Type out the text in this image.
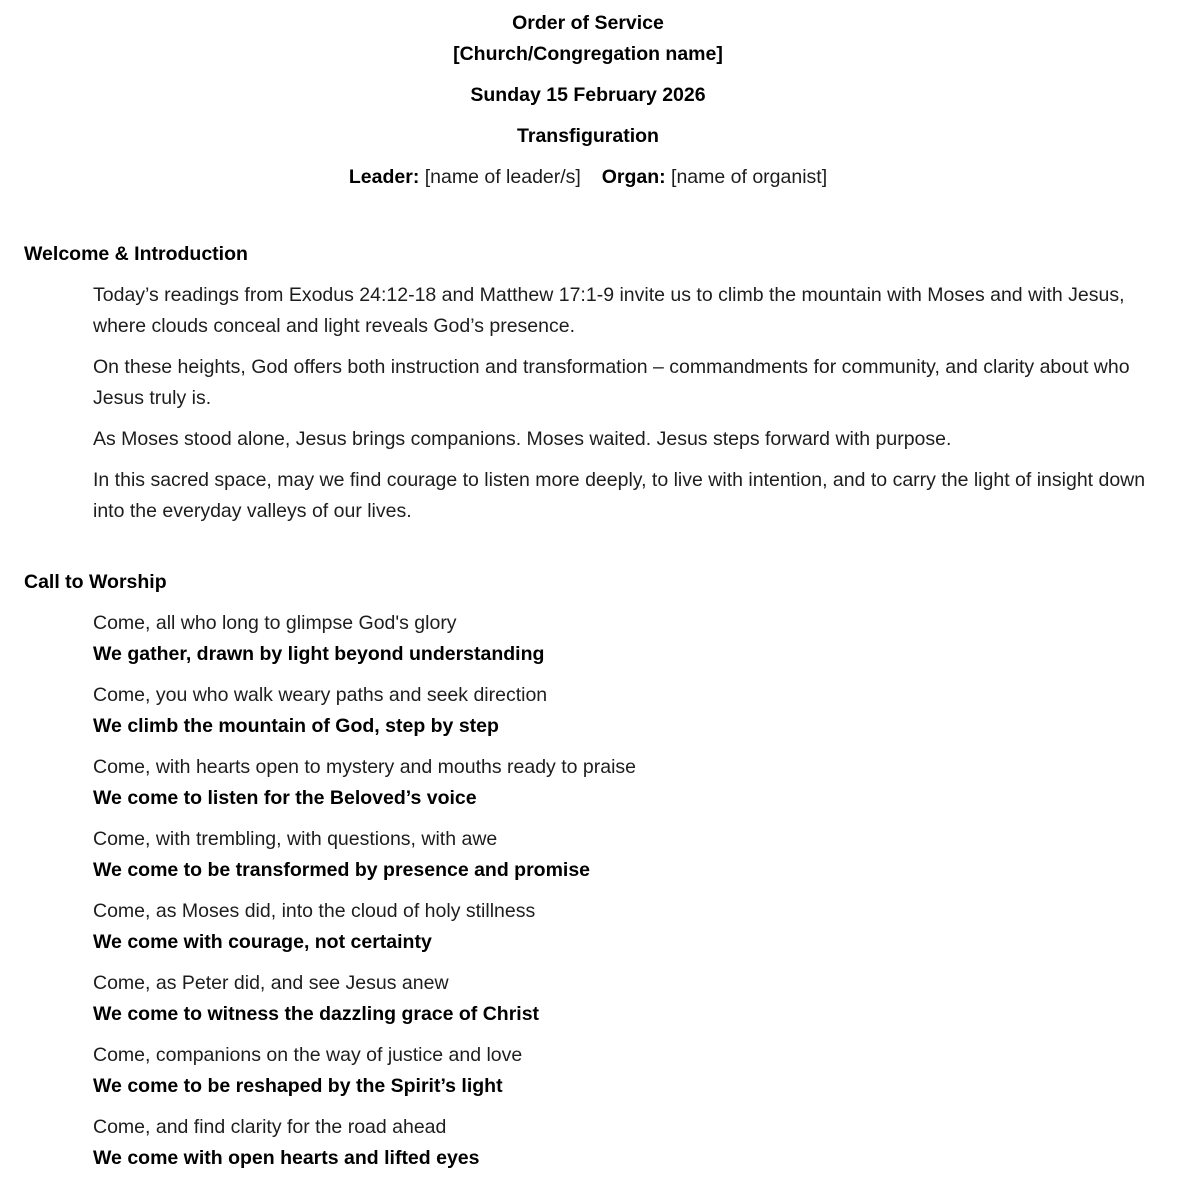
Order of Service
[Church/Congregation name]
Sunday 15 February 2026
Transfiguration
Leader: [name of leader/s] Organ: [name of organist]
Welcome & Introduction

Today’s readings from Exodus 24:12-18 and Matthew 17:1-9 invite us to climb the mountain with Moses and with Jesus, where clouds conceal and light reveals God’s presence.

On these heights, God offers both instruction and transformation – commandments for community, and clarity about who Jesus truly is.

As Moses stood alone, Jesus brings companions. Moses waited. Jesus steps forward with purpose.

In this sacred space, may we find courage to listen more deeply, to live with intention, and to carry the light of insight down into the everyday valleys of our lives.

Call to Worship
Come, all who long to glimpse God's glory
We gather, drawn by light beyond understanding
Come, you who walk weary paths and seek direction
We climb the mountain of God, step by step
Come, with hearts open to mystery and mouths ready to praise
We come to listen for the Beloved’s voice
Come, with trembling, with questions, with awe
We come to be transformed by presence and promise
Come, as Moses did, into the cloud of holy stillness
We come with courage, not certainty
Come, as Peter did, and see Jesus anew
We come to witness the dazzling grace of Christ
Come, companions on the way of justice and love
We come to be reshaped by the Spirit’s light
Come, and find clarity for the road ahead
We come with open hearts and lifted eyes
